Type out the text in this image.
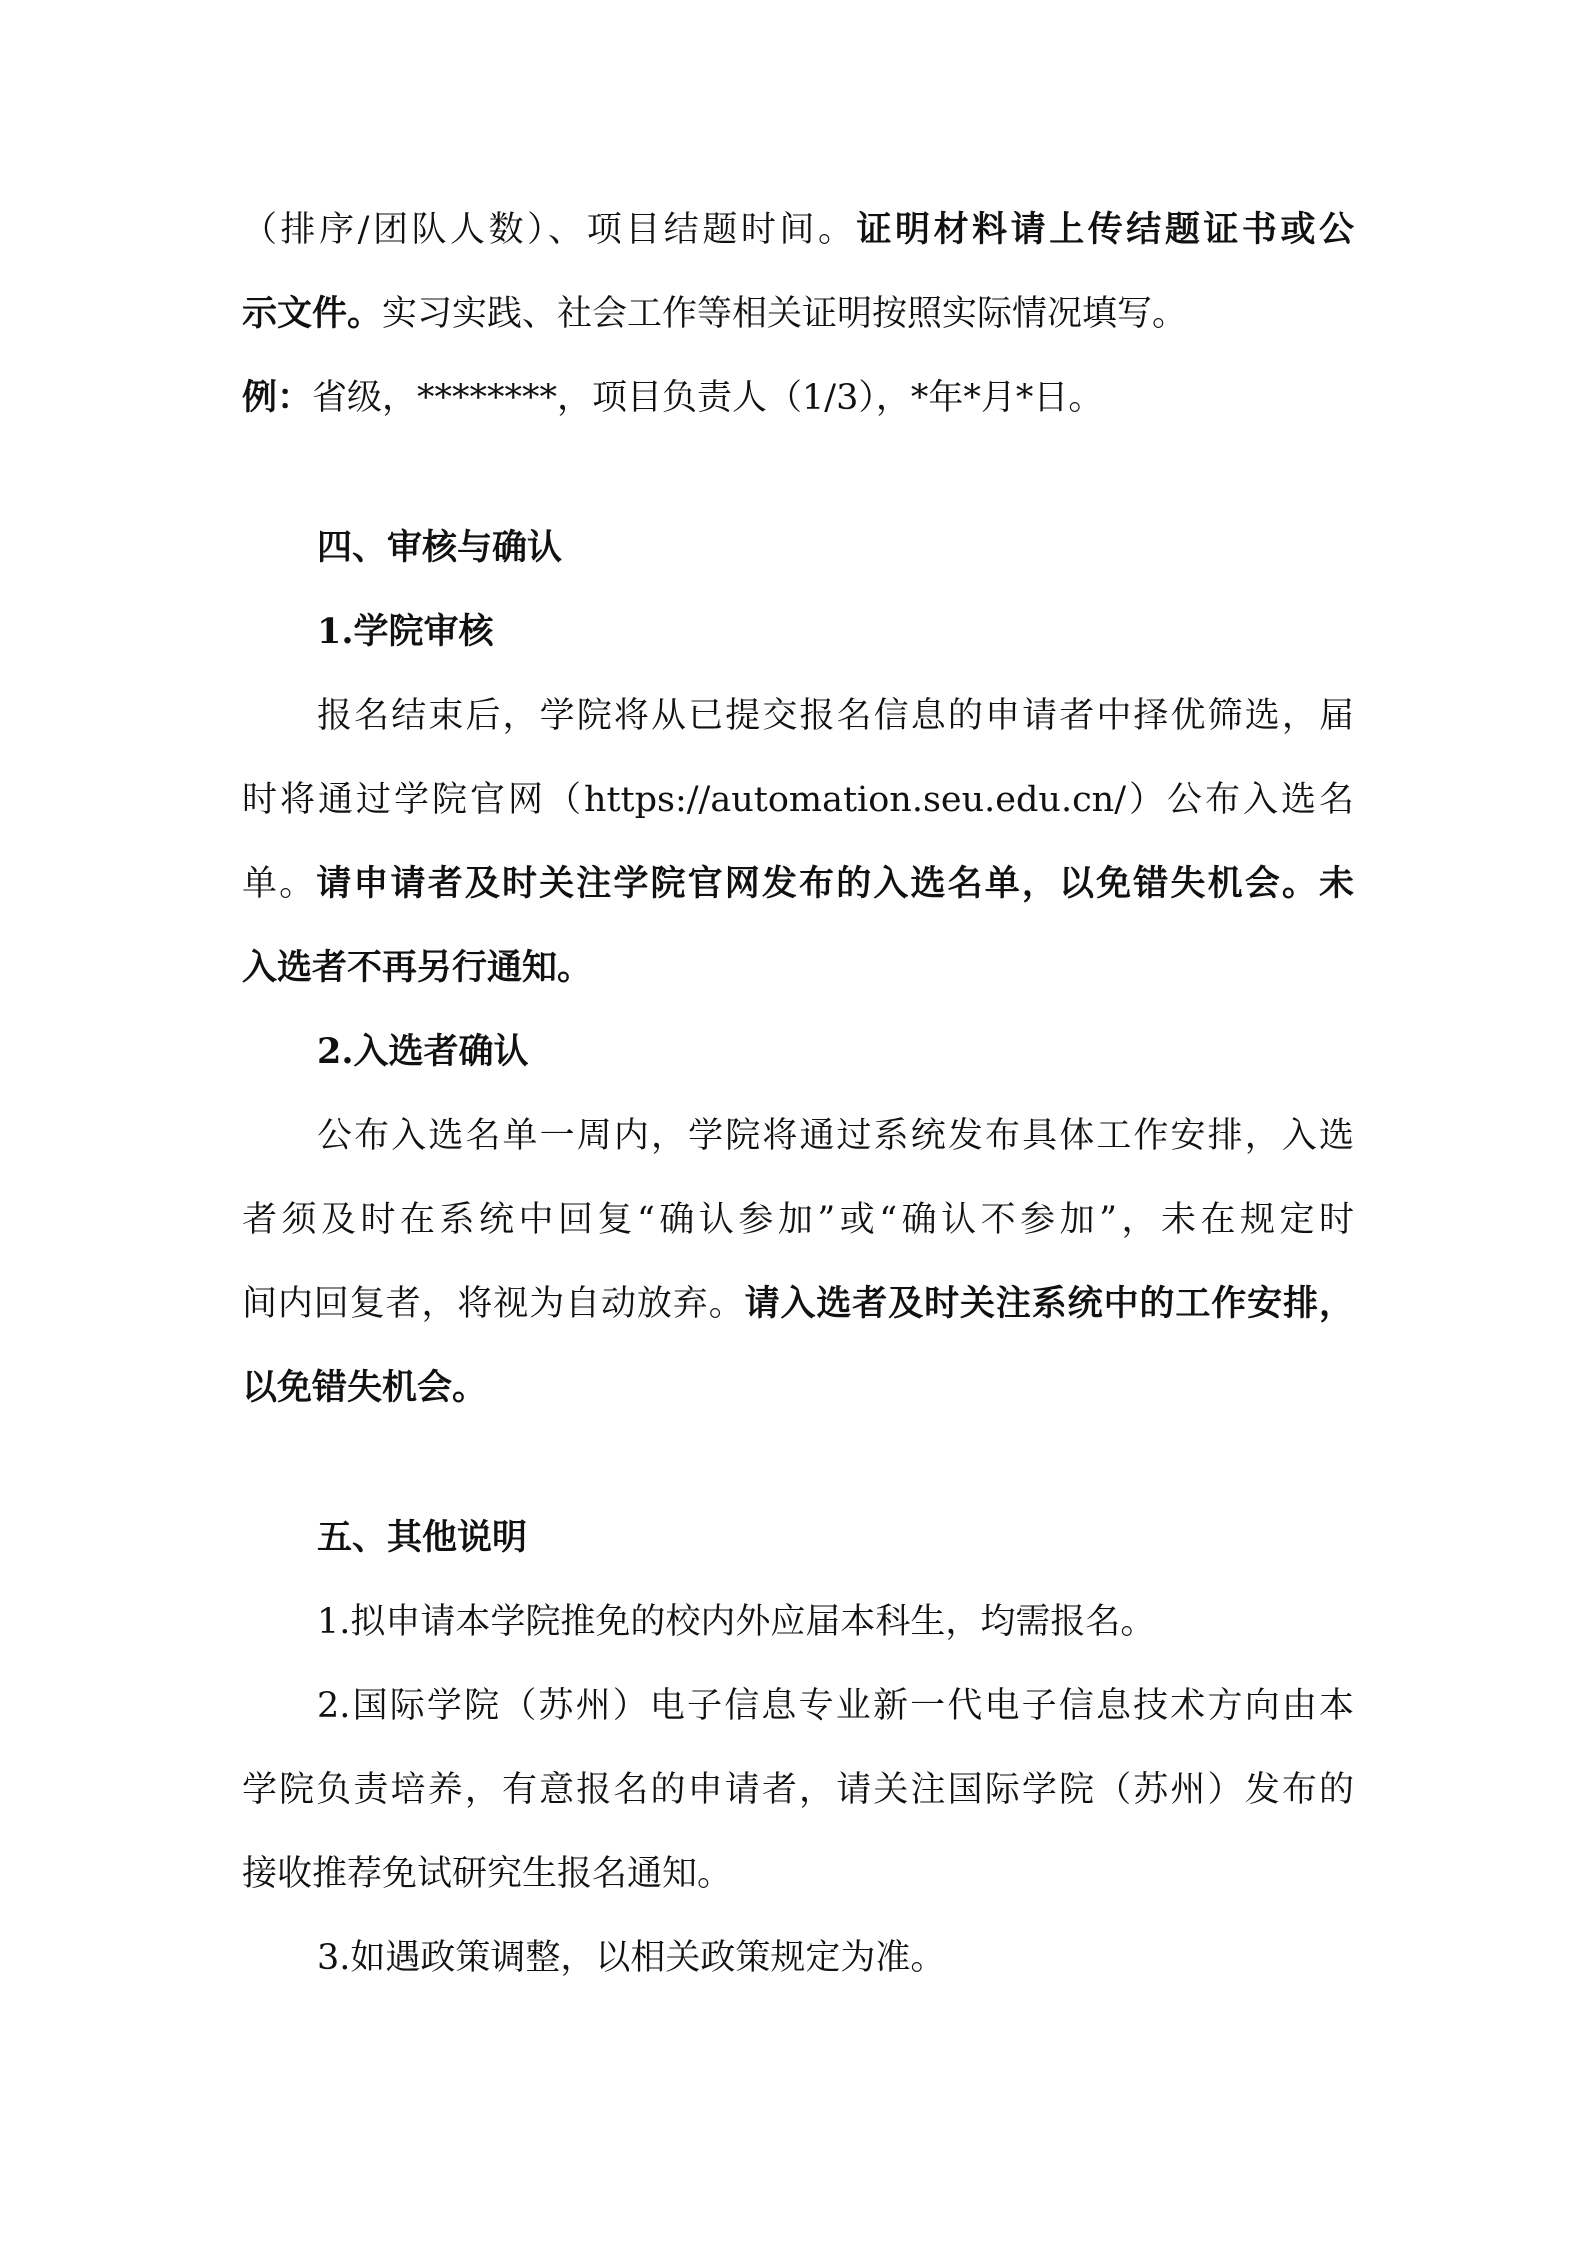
（排序/团队人数）、项目结题时间。证明材料请上传结题证书或公
示文件。实习实践、社会工作等相关证明按照实际情况填写。
例：省级，********，项目负责人（1/3），*年*月*日。
四、审核与确认
1.学院审核
报名结束后，学院将从已提交报名信息的申请者中择优筛选，届
时将通过学院官网（https://automation.seu.edu.cn/）公布入选名
单。请申请者及时关注学院官网发布的入选名单，以免错失机会。未
入选者不再另行通知。
2.入选者确认
公布入选名单一周内，学院将通过系统发布具体工作安排，入选
者须及时在系统中回复“确认参加”或“确认不参加”，未在规定时
间内回复者，将视为自动放弃。请入选者及时关注系统中的工作安排，
以免错失机会。
五、其他说明
1.拟申请本学院推免的校内外应届本科生，均需报名。
2.国际学院（苏州）电子信息专业新一代电子信息技术方向由本
学院负责培养，有意报名的申请者，请关注国际学院（苏州）发布的
接收推荐免试研究生报名通知。
3.如遇政策调整，以相关政策规定为准。
